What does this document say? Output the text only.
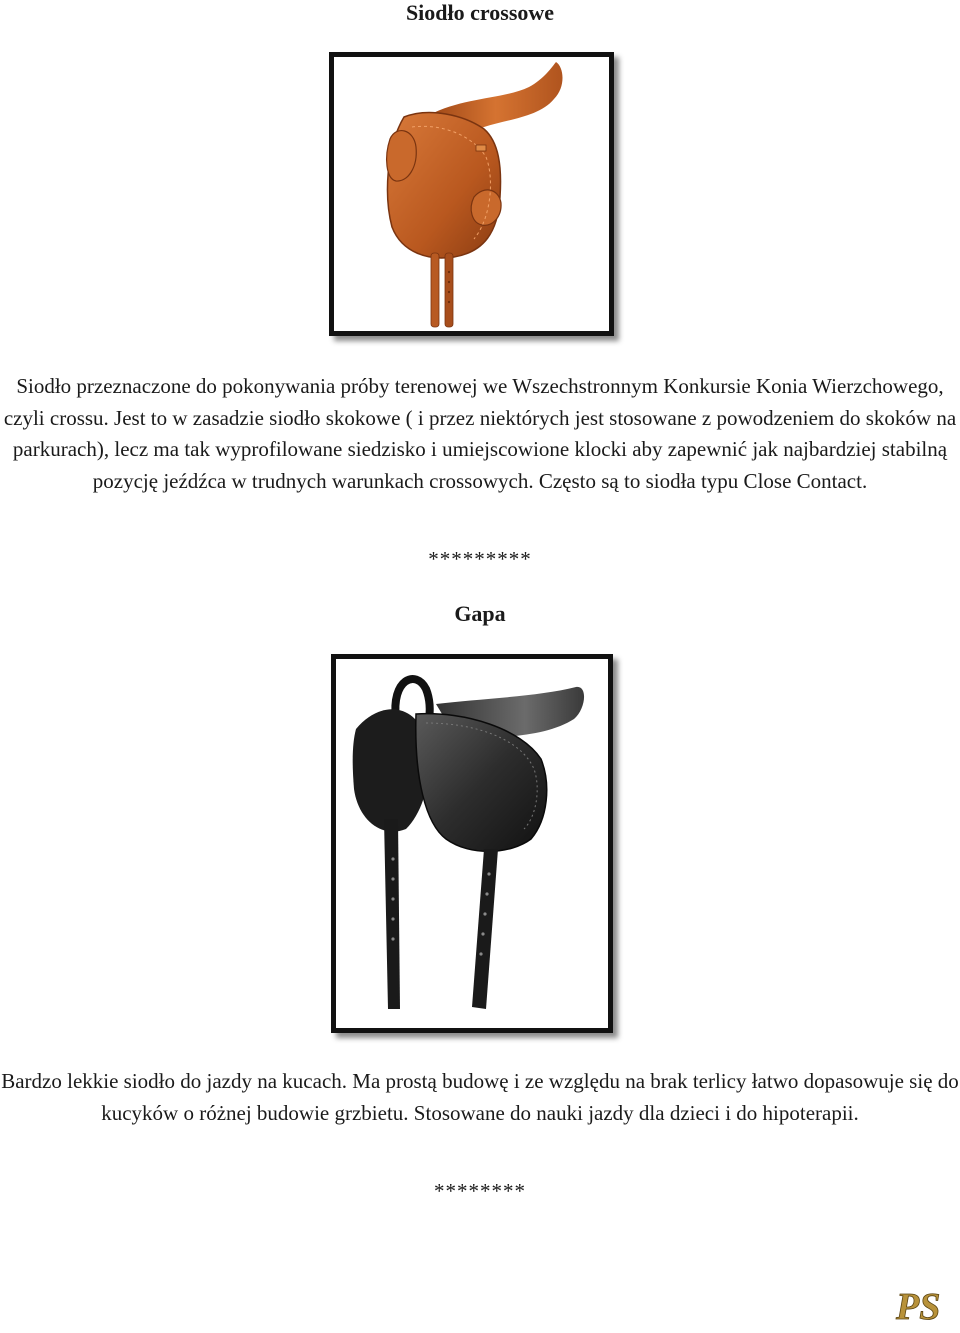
Siodło crossowe
Siodło przeznaczone do pokonywania próby terenowej we Wszechstronnym Konkursie Konia Wierzchowego, czyli crossu. Jest to w zasadzie siodło skokowe ( i przez niektórych jest stosowane z powodzeniem do skoków na parkurach), lecz ma tak wyprofilowane siedzisko i umiejscowione klocki aby zapewnić jak najbardziej stabilną pozycję jeźdźca w trudnych warunkach crossowych. Często są to siodła typu Close Contact.
*********
Gapa
Bardzo lekkie siodło do jazdy na kucach. Ma prostą budowę i ze względu na brak terlicy łatwo dopasowuje się do kucyków o różnej budowie grzbietu. Stosowane do nauki jazdy dla dzieci i do hipoterapii.
********
PS
